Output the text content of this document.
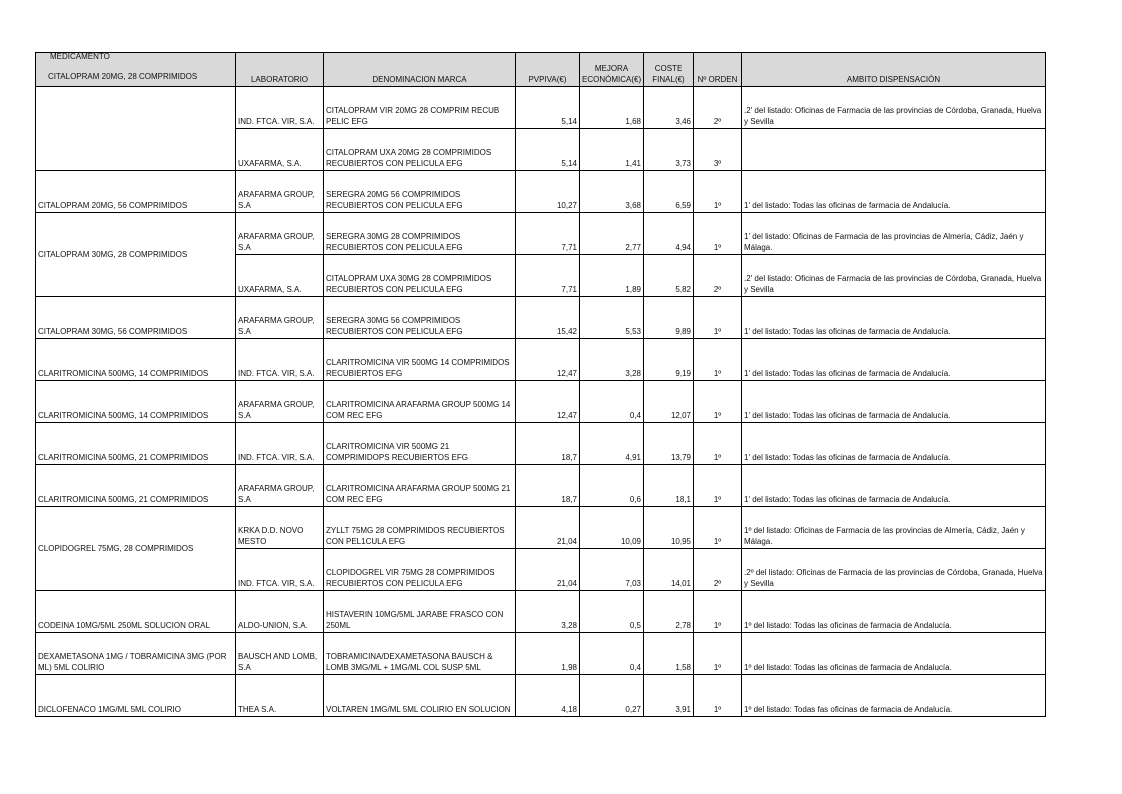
MEDICAMENTO
CITALOPRAM 20MG, 28 COMPRIMIDOS	LABORATORIO	DENOMINACION MARCA	PVPIVA(€)	MEJORA ECONÓMICA(€)	COSTE FINAL(€)	Nº ORDEN	AMBITO DISPENSACIÓN
	IND. FTCA. VIR, S.A.	CITALOPRAM VIR 20MG 28 COMPRIM RECUB PELIC EFG	5,14	1,68	3,46	2º	.2' del listado: Oficinas de Farmacia de las provincias de Córdoba, Granada, Huelva y Sevilla
	UXAFARMA, S.A.	CITALOPRAM UXA 20MG 28 COMPRIMIDOS RECUBIERTOS CON PELICULA EFG	5,14	1,41	3,73	3º	
CITALOPRAM 20MG, 56 COMPRIMIDOS	ARAFARMA GROUP, S.A	SEREGRA 20MG 56 COMPRIMIDOS RECUBIERTOS CON PELICULA EFG	10,27	3,68	6,59	1º	1' del listado: Todas las oficinas de farmacia de Andalucía.
CITALOPRAM 30MG, 28 COMPRIMIDOS	ARAFARMA GROUP, S.A	SEREGRA 30MG 28 COMPRIMIDOS RECUBIERTOS CON PELICULA EFG	7,71	2,77	4,94	1º	1' del listado: Oficinas de Farmacia de las provincias de Almería, Cádiz, Jaén y Málaga.
	UXAFARMA, S.A.	CITALOPRAM UXA 30MG 28 COMPRIMIDOS RECUBIERTOS CON PELICULA EFG	7,71	1,89	5,82	2º	.2' del listado: Oficinas de Farmacia de las provincias de Córdoba, Granada, Huelva y Sevilla
CITALOPRAM 30MG, 56 COMPRIMIDOS	ARAFARMA GROUP, S.A	SEREGRA 30MG 56 COMPRIMIDOS RECUBIERTOS CON PELICULA EFG	15,42	5,53	9,89	1º	1' del listado: Todas las oficinas de farmacia de Andalucía.
CLARITROMICINA 500MG, 14 COMPRIMIDOS	IND. FTCA. VIR, S.A.	CLARITROMICINA VIR 500MG 14 COMPRIMIDOS RECUBIERTOS EFG	12,47	3,28	9,19	1º	1' del listado: Todas las oficinas de farmacia de Andalucía.
CLARITROMICINA 500MG, 14 COMPRIMIDOS	ARAFARMA GROUP, S.A	CLARITROMICINA ARAFARMA GROUP 500MG 14 COM REC EFG	12,47	0,4	12,07	1º	1' del listado: Todas las oficinas de farmacia de Andalucía.
CLARITROMICINA 500MG, 21 COMPRIMIDOS	IND. FTCA. VIR, S.A.	CLARITROMICINA VIR 500MG 21 COMPRIMIDOPS RECUBIERTOS EFG	18,7	4,91	13,79	1º	1' del listado: Todas las oficinas de farmacia de Andalucía.
CLARITROMICINA 500MG, 21 COMPRIMIDOS	ARAFARMA GROUP, S.A	CLARITROMICINA ARAFARMA GROUP 500MG 21 COM REC EFG	18,7	0,6	18,1	1º	1' del listado: Todas las oficinas de farmacia de Andalucía.
CLOPIDOGREL 75MG, 28 COMPRIMIDOS	KRKA D.D. NOVO MESTO	ZYLLT 75MG 28 COMPRIMIDOS RECUBIERTOS CON PEL1CULA EFG	21,04	10,09	10,95	1º	1º del listado: Oficinas de Farmacia de las provincias de Almería, Cádiz, Jaén y Málaga.
	IND. FTCA. VIR, S.A.	CLOPIDOGREL VIR 75MG 28 COMPRIMIDOS RECUBIERTOS CON PELICULA EFG	21,04	7,03	14,01	2º	.2º del listado: Oficinas de Farmacia de las provincias de Córdoba, Granada, Huelva y Sevilla
CODEINA 10MG/5ML 250ML SOLUCION ORAL	ALDO-UNION, S.A.	HISTAVERIN 10MG/5ML JARABE FRASCO CON 250ML	3,28	0,5	2,78	1º	1º del listado: Todas las oficinas de farmacia de Andalucía.
DEXAMETASONA 1MG / TOBRAMICINA 3MG (POR ML) 5ML COLIRIO	BAUSCH AND LOMB, S.A	TOBRAMICINA/DEXAMETASONA BAUSCH & LOMB 3MG/ML + 1MG/ML COL SUSP 5ML	1,98	0,4	1,58	1º	1º del listado: Todas las oficinas de farmacia de Andalucía.
DICLOFENACO 1MG/ML 5ML COLIRIO	THEA S.A.	VOLTAREN 1MG/ML 5ML COLIRIO EN SOLUCION	4,18	0,27	3,91	1º	1º del listado: Todas fas oficinas de farmacia de Andalucía.
